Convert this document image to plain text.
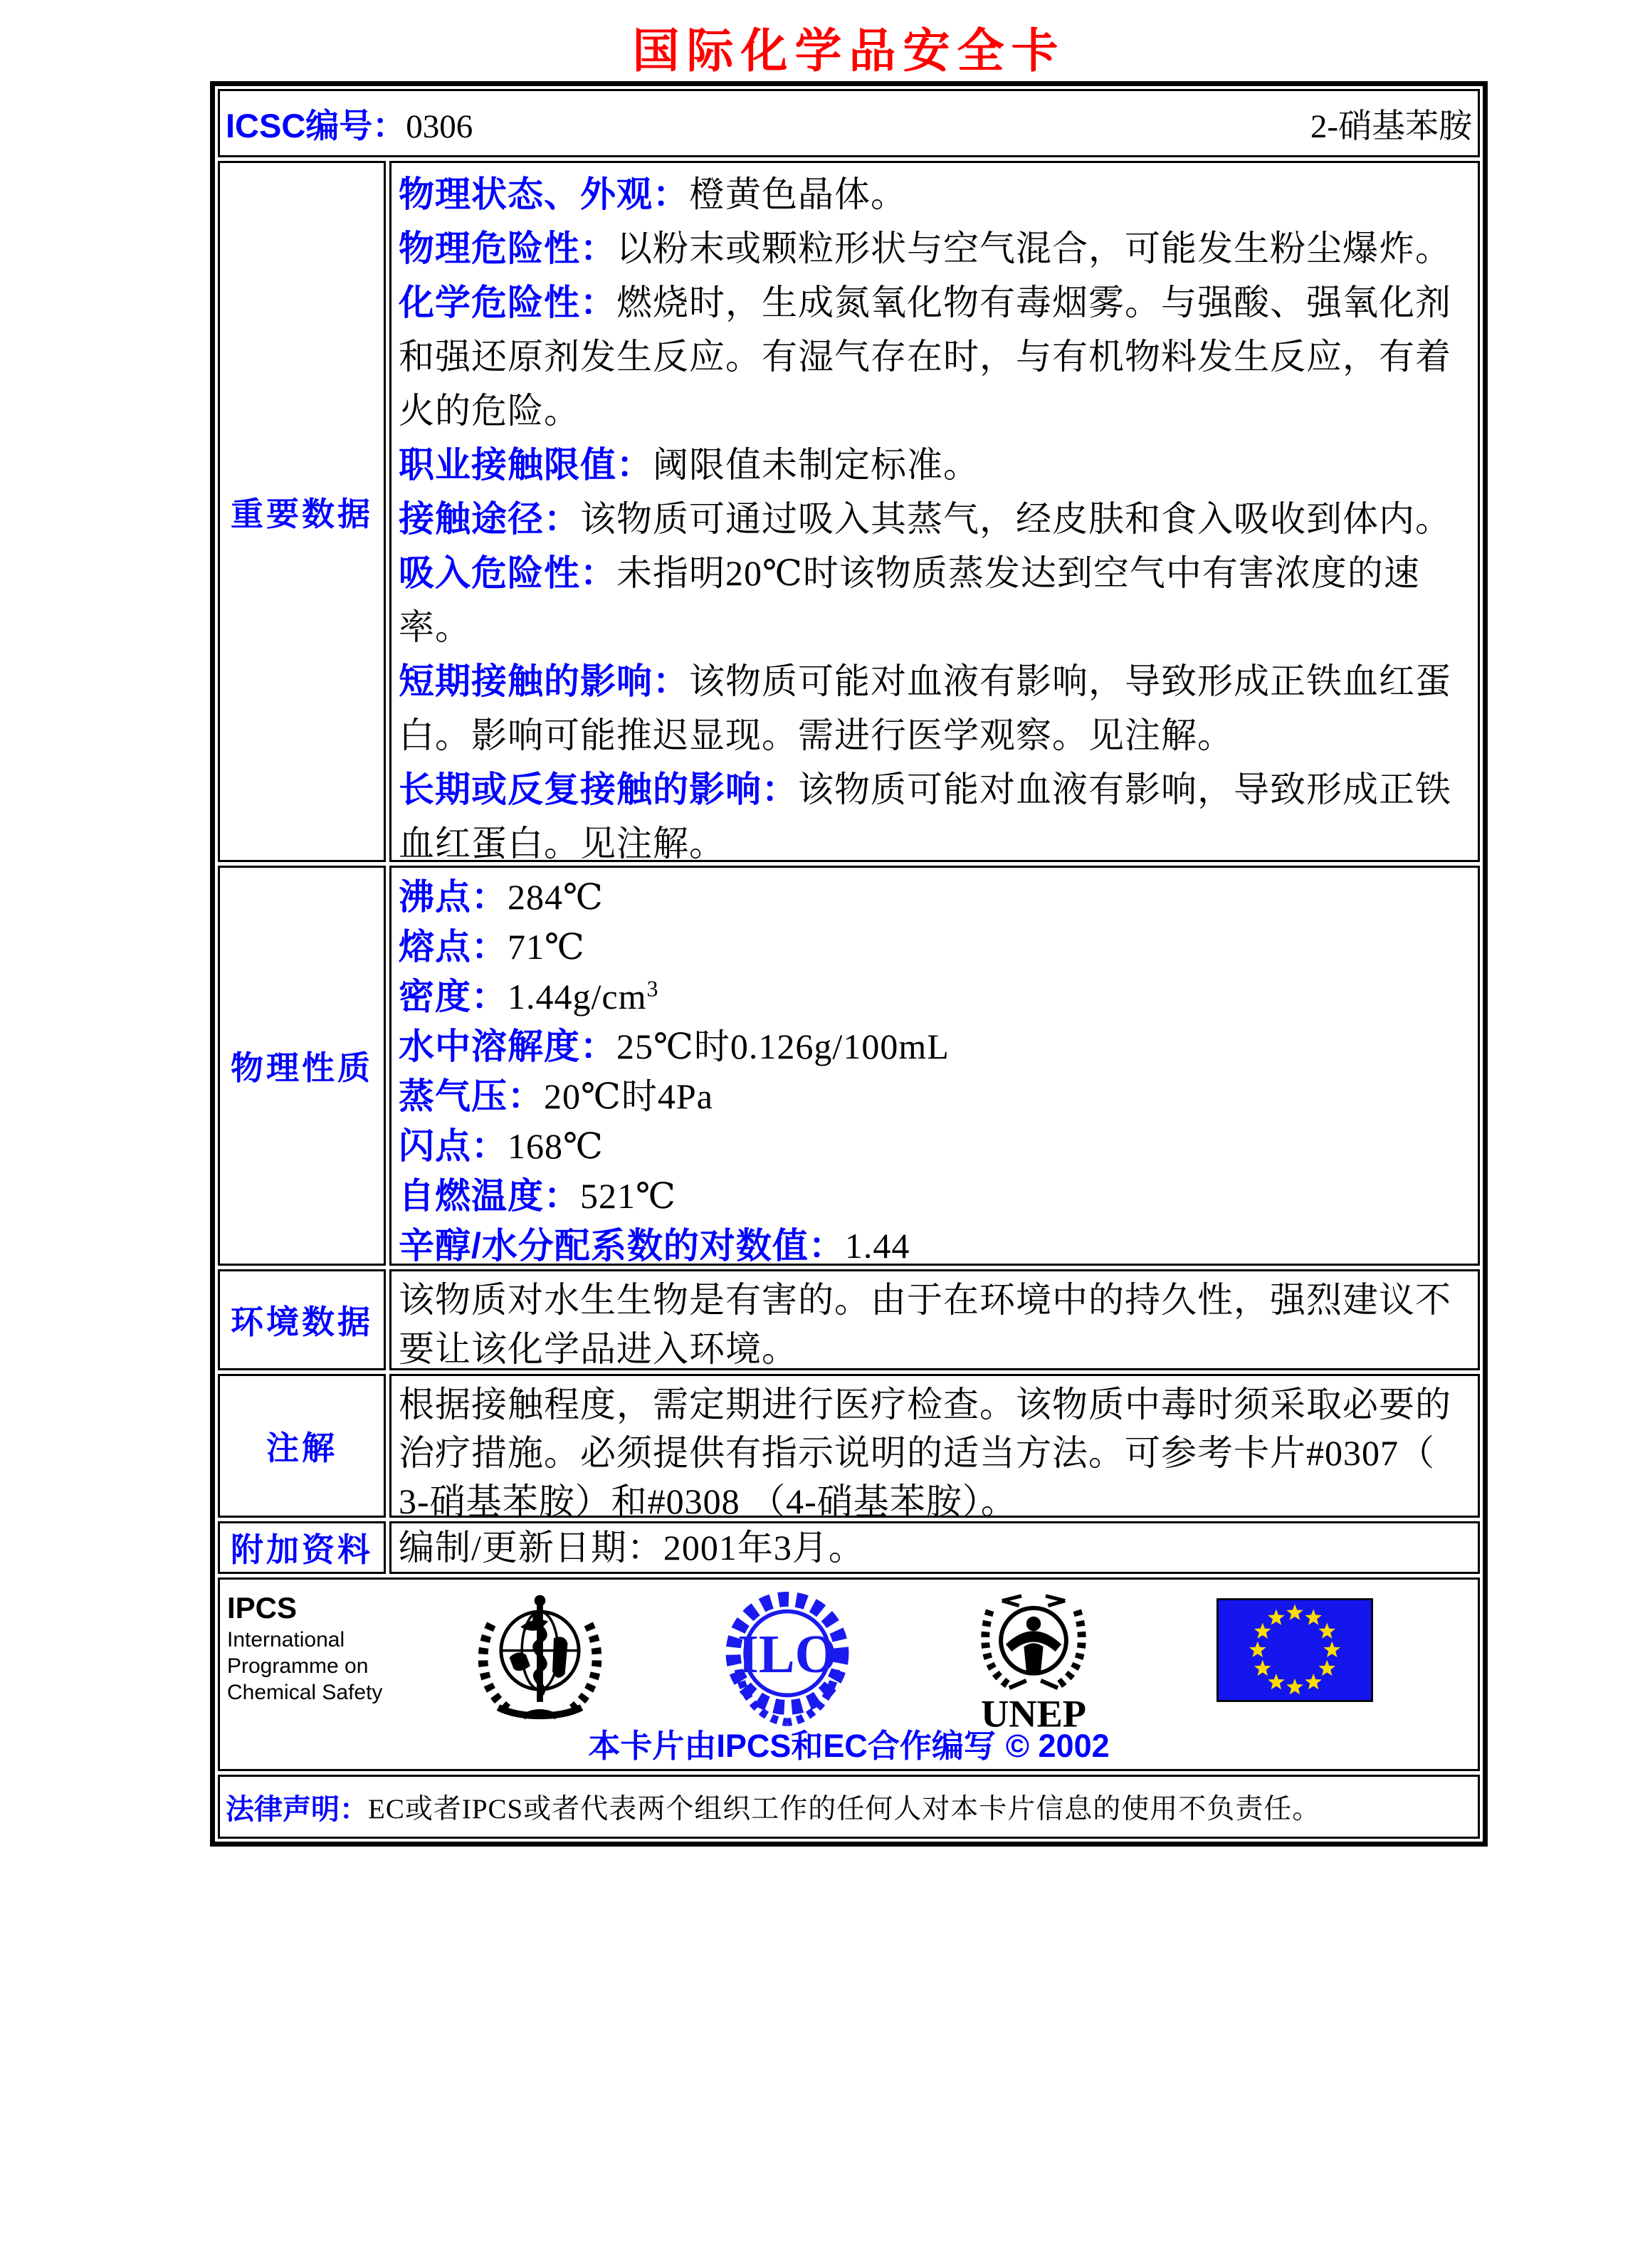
国际化学品安全卡
ICSC编号：0306	2-硝基苯胺
重要数据
物理状态、外观：橙黄色晶体。
物理危险性：以粉末或颗粒形状与空气混合，可能发生粉尘爆炸。
化学危险性：燃烧时，生成氮氧化物有毒烟雾。与强酸、强氧化剂和强还原剂发生反应。有湿气存在时，与有机物料发生反应，有着火的危险。
职业接触限值：阈限值未制定标准。
接触途径：该物质可通过吸入其蒸气，经皮肤和食入吸收到体内。
吸入危险性：未指明20℃时该物质蒸发达到空气中有害浓度的速率。
短期接触的影响：该物质可能对血液有影响，导致形成正铁血红蛋白。影响可能推迟显现。需进行医学观察。见注解。
长期或反复接触的影响：该物质可能对血液有影响，导致形成正铁血红蛋白。见注解。
物理性质
沸点：284℃
熔点：71℃
密度：$1.44g/cm^3$
水中溶解度：25℃时0.126g/100mL
蒸气压：20℃时4Pa
闪点：168℃
自燃温度：521℃
辛醇/水分配系数的对数值：1.44
环境数据
该物质对水生生物是有害的。由于在环境中的持久性，强烈建议不要让该化学品进入环境。
注解
根据接触程度，需定期进行医疗检查。该物质中毒时须采取必要的治疗措施。必须提供有指示说明的适当方法。可参考卡片#0307（ 3-硝基苯胺）和#0308 （4-硝基苯胺）。
附加资料 编制/更新日期：2001年3月。
IPCS
International
Programme on
Chemical Safety
ILO
UNEP
本卡片由IPCS和EC合作编写 © 2002
法律声明： EC或者IPCS或者代表两个组织工作的任何人对本卡片信息的使用不负责任。
